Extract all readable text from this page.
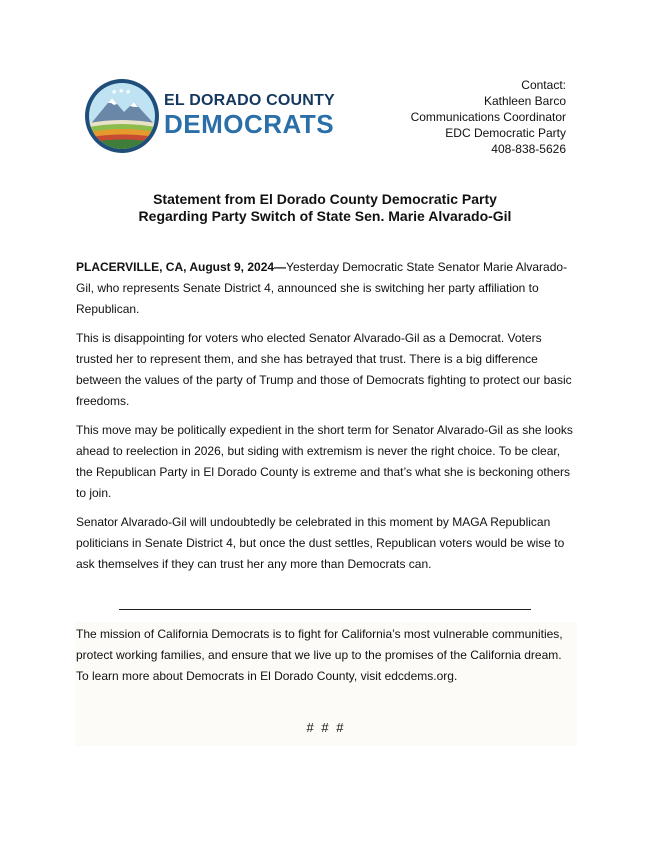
★ ★ ★ EL DORADO COUNTY
DEMOCRATS
Contact:
Kathleen Barco
Communications Coordinator
EDC Democratic Party
408-838-5626
Statement from El Dorado County Democratic Party
Regarding Party Switch of State Sen. Marie Alvarado-Gil

PLACERVILLE, CA, August 9, 2024—Yesterday Democratic State Senator Marie Alvarado-Gil, who represents Senate District 4, announced she is switching her party affiliation to Republican.

This is disappointing for voters who elected Senator Alvarado-Gil as a Democrat. Voters trusted her to represent them, and she has betrayed that trust. There is a big difference between the values of the party of Trump and those of Democrats fighting to protect our basic freedoms.

This move may be politically expedient in the short term for Senator Alvarado-Gil as she looks ahead to reelection in 2026, but siding with extremism is never the right choice. To be clear, the Republican Party in El Dorado County is extreme and that’s what she is beckoning others to join.

Senator Alvarado-Gil will undoubtedly be celebrated in this moment by MAGA Republican politicians in Senate District 4, but once the dust settles, Republican voters would be wise to ask themselves if they can trust her any more than Democrats can.

The mission of California Democrats is to fight for California’s most vulnerable communities, protect working families, and ensure that we live up to the promises of the California dream. To learn more about Democrats in El Dorado County, visit edcdems.org.

# # #
